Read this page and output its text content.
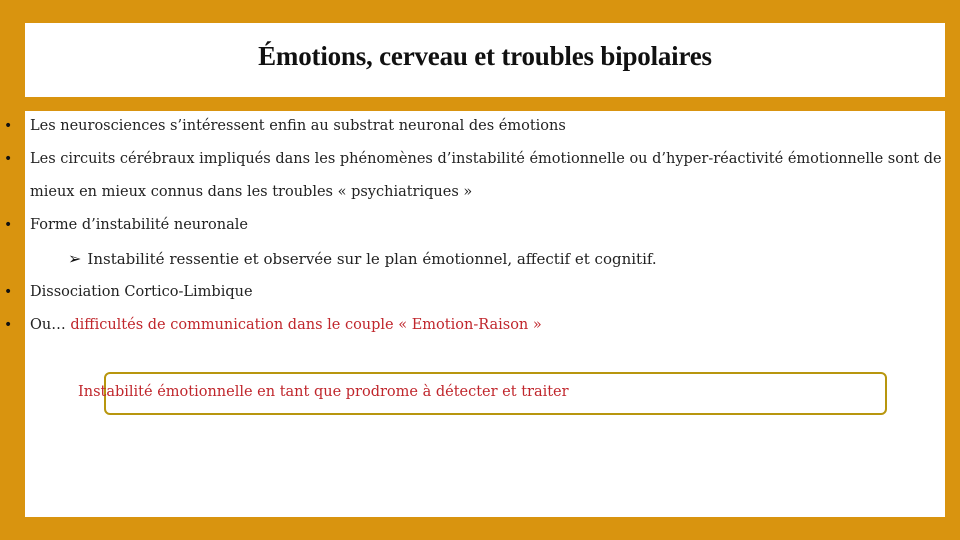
Émotions, cerveau et troubles bipolaires
• Les neurosciences s’intéressent enfin au substrat neuronal des émotions
• Les circuits cérébraux impliqués dans les phénomènes d’instabilité émotionnelle ou d’hyper-réactivité émotionnelle sont de
mieux en mieux connus dans les troubles « psychiatriques »
• Forme d’instabilité neuronale
➢ Instabilité ressentie et observée sur le plan émotionnel, affectif et cognitif.
• Dissociation Cortico-Limbique
• Ou… difficultés de communication dans le couple « Emotion-Raison »
Instabilité émotionnelle en tant que prodrome à détecter et traiter
